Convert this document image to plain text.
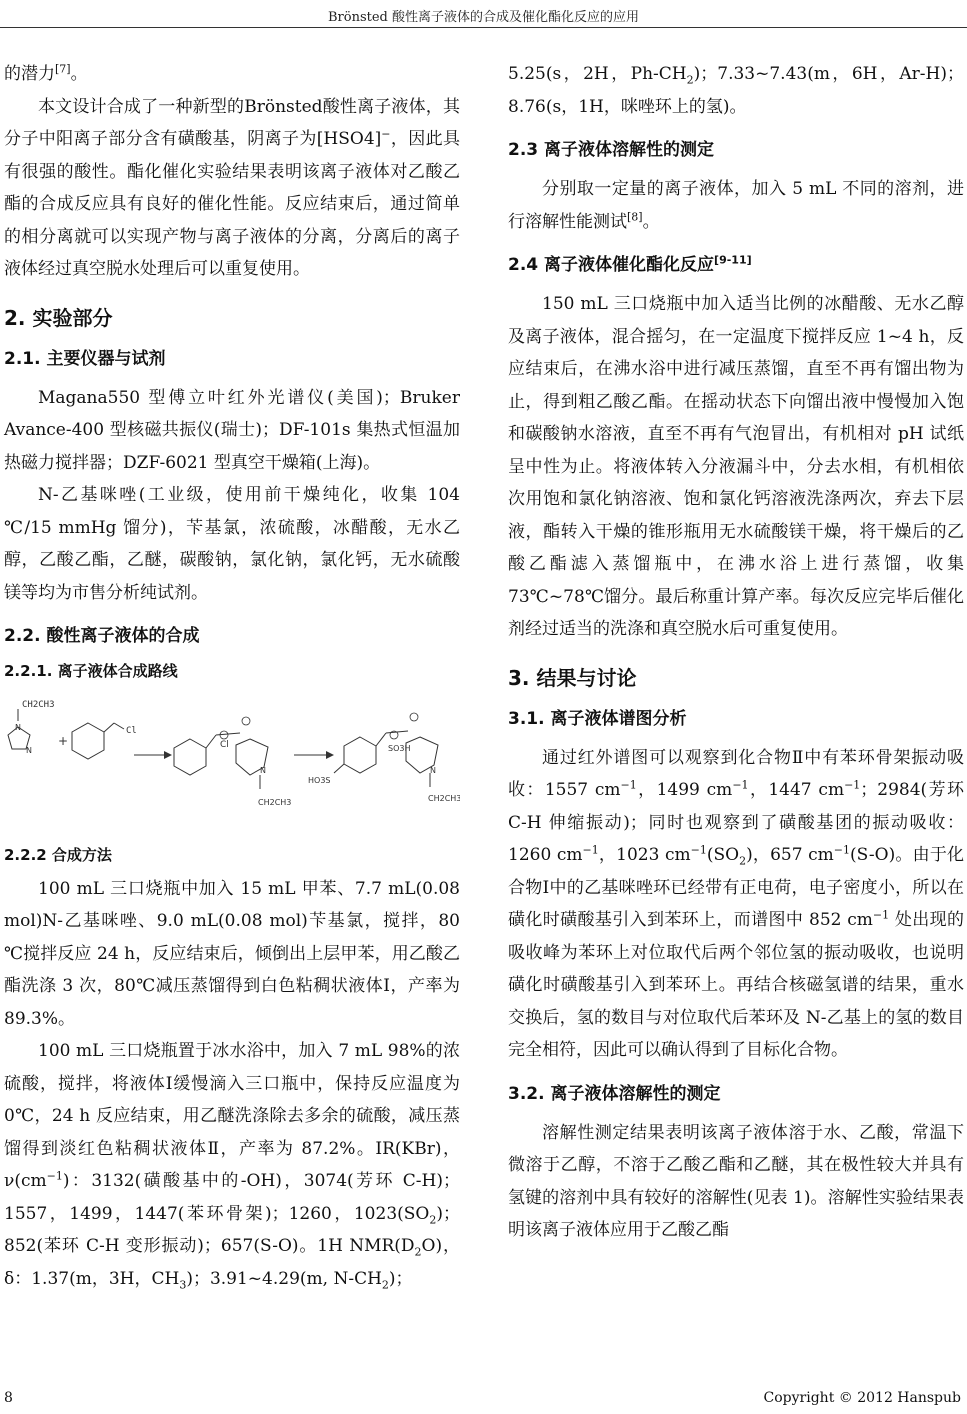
Brönsted 酸性离子液体的合成及催化酯化反应的应用

的潜力[7]。

本文设计合成了一种新型的Brönsted酸性离子液体，其分子中阳离子部分含有磺酸基，阴离子为[HSO4]−，因此具有很强的酸性。酯化催化实验结果表明该离子液体对乙酸乙酯的合成反应具有良好的催化性能。反应结束后，通过简单的相分离就可以实现产物与离子液体的分离，分离后的离子液体经过真空脱水处理后可以重复使用。

2. 实验部分
2.1. 主要仪器与试剂

Magana550 型傅立叶红外光谱仪(美国)；Bruker Avance-400 型核磁共振仪(瑞士)；DF-101s 集热式恒温加热磁力搅拌器；DZF-6021 型真空干燥箱(上海)。

N-乙基咪唑(工业级，使用前干燥纯化，收集 104 ℃/15 mmHg 馏分)，苄基氯，浓硫酸，冰醋酸，无水乙醇，乙酸乙酯，乙醚，碳酸钠，氯化钠，氯化钙，无水硫酸镁等均为市售分析纯试剂。

2.2. 酸性离子液体的合成
2.2.1. 离子液体合成路线
CH2CH3
N
N
+
Cl
Cl
N
CH2CH3
HO3S
SO3H
N
CH2CH3
2.2.2 合成方法

100 mL 三口烧瓶中加入 15 mL 甲苯、7.7 mL(0.08 mol)N-乙基咪唑、9.0 mL(0.08 mol)苄基氯，搅拌，80 ℃搅拌反应 24 h，反应结束后，倾倒出上层甲苯，用乙酸乙酯洗涤 3 次，80℃减压蒸馏得到白色粘稠状液体Ⅰ，产率为 89.3%。

100 mL 三口烧瓶置于冰水浴中，加入 7 mL 98%的浓硫酸，搅拌，将液体Ⅰ缓慢滴入三口瓶中，保持反应温度为 0℃，24 h 反应结束，用乙醚洗涤除去多余的硫酸，减压蒸馏得到淡红色粘稠状液体Ⅱ，产率为 87.2%。IR(KBr)，$\nu(cm^{-1})$：3132(磺酸基中的-OH)，3074(芳环 C-H)；1557，1499，1447(苯环骨架)；1260，$1023(SO_2)$；852(苯环 C-H 变形振动)；657(S-O)。1H $NMR(D_2O)$，δ：1.37(m，3H，$CH_3$)；3.91~4.29(m, $N-CH_2$)；

5.25(s，2H，$Ph-CH_2$)；7.33~7.43(m，6H，Ar-H)；8.76(s，1H，咪唑环上的氢)。

2.3 离子液体溶解性的测定

分别取一定量的离子液体，加入 5 mL 不同的溶剂，进行溶解性能测试[8]。

2.4 离子液体催化酯化反应[9-11]

150 mL 三口烧瓶中加入适当比例的冰醋酸、无水乙醇及离子液体，混合摇匀，在一定温度下搅拌反应 1~4 h，反应结束后，在沸水浴中进行减压蒸馏，直至不再有馏出物为止，得到粗乙酸乙酯。在摇动状态下向馏出液中慢慢加入饱和碳酸钠水溶液，直至不再有气泡冒出，有机相对 pH 试纸呈中性为止。将液体转入分液漏斗中，分去水相，有机相依次用饱和氯化钠溶液、饱和氯化钙溶液洗涤两次，弃去下层液，酯转入干燥的锥形瓶用无水硫酸镁干燥，将干燥后的乙酸乙酯滤入蒸馏瓶中，在沸水浴上进行蒸馏，收集 73℃~78℃馏分。最后称重计算产率。每次反应完毕后催化剂经过适当的洗涤和真空脱水后可重复使用。

3. 结果与讨论
3.1. 离子液体谱图分析

通过红外谱图可以观察到化合物Ⅱ中有苯环骨架振动吸收：1557 $cm^{-1}$，1499 $cm^{-1}$，1447 $cm^{-1}$；2984(芳环 C-H 伸缩振动)；同时也观察到了磺酸基团的振动吸收：1260 $cm^{-1}$，1023 $cm^{-1}(SO_2)$，657 $cm^{-1}(S-O)$。由于化合物Ⅰ中的乙基咪唑环已经带有正电荷，电子密度小，所以在磺化时磺酸基引入到苯环上，而谱图中 852 $cm^{-1}$ 处出现的吸收峰为苯环上对位取代后两个邻位氢的振动吸收，也说明磺化时磺酸基引入到苯环上。再结合核磁氢谱的结果，重水交换后，氢的数目与对位取代后苯环及 N-乙基上的氢的数目完全相符，因此可以确认得到了目标化合物。

3.2. 离子液体溶解性的测定

溶解性测定结果表明该离子液体溶于水、乙酸，常温下微溶于乙醇，不溶于乙酸乙酯和乙醚，其在极性较大并具有氢键的溶剂中具有较好的溶解性(见表 1)。溶解性实验结果表明该离子液体应用于乙酸乙酯

8	Copyright © 2012 Hanspub
